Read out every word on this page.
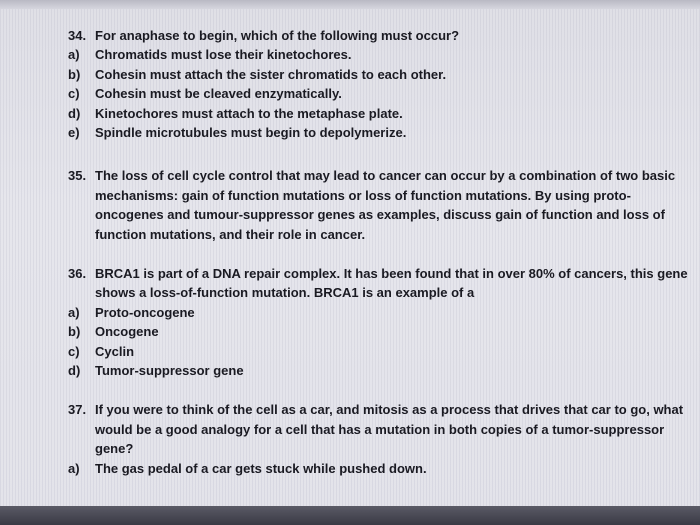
34. For anaphase to begin, which of the following must occur?
a) Chromatids must lose their kinetochores.
b) Cohesin must attach the sister chromatids to each other.
c) Cohesin must be cleaved enzymatically.
d) Kinetochores must attach to the metaphase plate.
e) Spindle microtubules must begin to depolymerize.
35. The loss of cell cycle control that may lead to cancer can occur by a combination of two basic mechanisms: gain of function mutations or loss of function mutations. By using proto-oncogenes and tumour-suppressor genes as examples, discuss gain of function and loss of function mutations, and their role in cancer.
36. BRCA1 is part of a DNA repair complex. It has been found that in over 80% of cancers, this gene shows a loss-of-function mutation. BRCA1 is an example of a
a) Proto-oncogene
b) Oncogene
c) Cyclin
d) Tumor-suppressor gene
37. If you were to think of the cell as a car, and mitosis as a process that drives that car to go, what would be a good analogy for a cell that has a mutation in both copies of a tumor-suppressor gene?
a) The gas pedal of a car gets stuck while pushed down.
